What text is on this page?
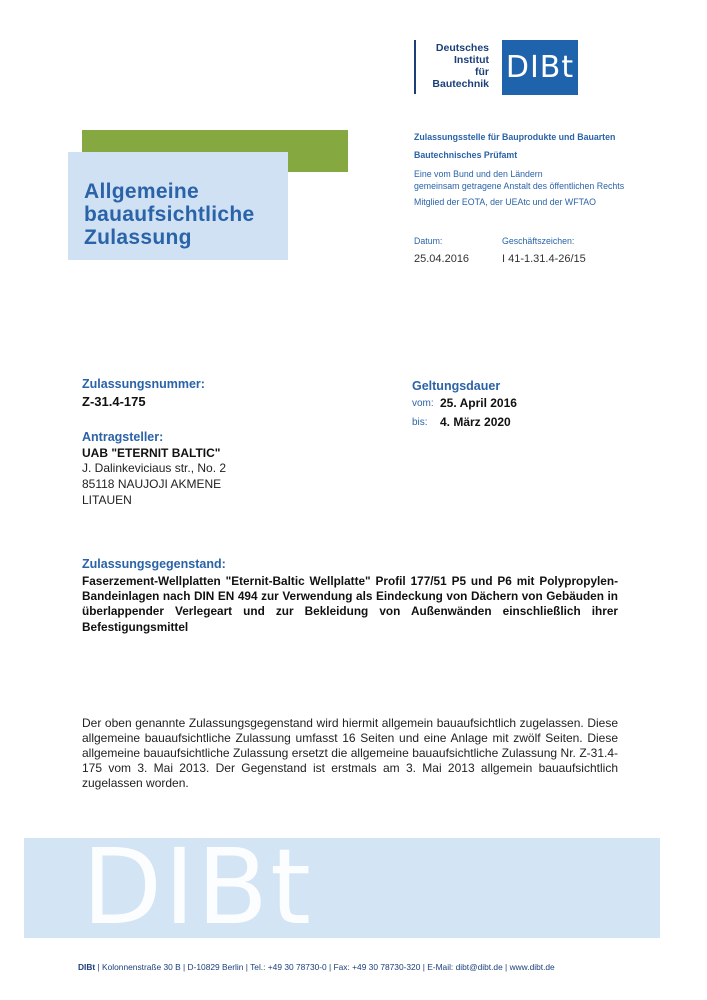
Deutsches
Institut
für
Bautechnik DIBt
Allgemeine
bauaufsichtliche
Zulassung
Zulassungsstelle für Bauprodukte und Bauarten
Bautechnisches Prüfamt
Eine vom Bund und den Ländern
gemeinsam getragene Anstalt des öffentlichen Rechts
Mitglied der EOTA, der UEAtc und der WFTAO
Datum:
25.04.2016
Geschäftszeichen:
I 41-1.31.4-26/15
Zulassungsnummer:
Z-31.4-175
Geltungsdauer
vom: 25. April 2016
bis: 4. März 2020
Antragsteller:
UAB "ETERNIT BALTIC"
J. Dalinkeviciaus str., No. 2
85118 NAUJOJI AKMENE
LITAUEN
Zulassungsgegenstand:
Faserzement-Wellplatten "Eternit-Baltic Wellplatte" Profil 177/51 P5 und P6 mit Polypropylen-Bandeinlagen nach DIN EN 494 zur Verwendung als Eindeckung von Dächern von Gebäuden in überlappender Verlegeart und zur Bekleidung von Außenwänden einschließlich ihrer Befestigungsmittel
Der oben genannte Zulassungsgegenstand wird hiermit allgemein bauaufsichtlich zugelassen. Diese allgemeine bauaufsichtliche Zulassung umfasst 16 Seiten und eine Anlage mit zwölf Seiten. Diese allgemeine bauaufsichtliche Zulassung ersetzt die allgemeine bauaufsichtliche Zulassung Nr. Z-31.4-175 vom 3. Mai 2013. Der Gegenstand ist erstmals am 3. Mai 2013 allgemein bauaufsichtlich zugelassen worden.
DIBt
DIBt | Kolonnenstraße 30 B | D-10829 Berlin | Tel.: +49 30 78730-0 | Fax: +49 30 78730-320 | E-Mail: dibt@dibt.de | www.dibt.de
